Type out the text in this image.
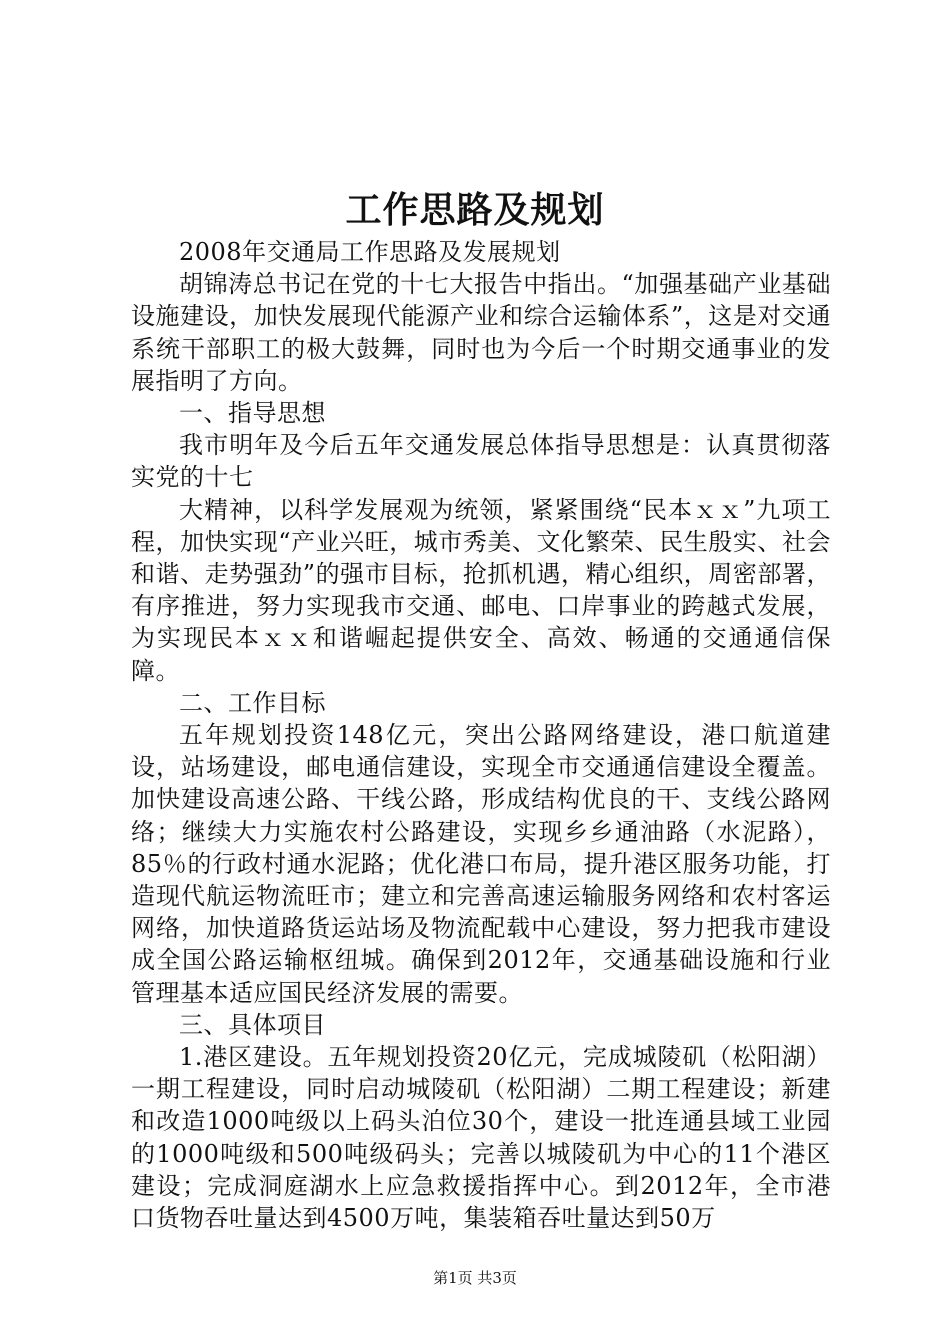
工作思路及规划

2008年交通局工作思路及发展规划

胡锦涛总书记在党的十七大报告中指出。“加强基础产业基础设施建设，加快发展现代能源产业和综合运输体系”，这是对交通系统干部职工的极大鼓舞，同时也为今后一个时期交通事业的发展指明了方向。

一、指导思想

我市明年及今后五年交通发展总体指导思想是：认真贯彻落实党的十七

大精神，以科学发展观为统领，紧紧围绕“民本ｘｘ”九项工程，加快实现“产业兴旺，城市秀美、文化繁荣、民生殷实、社会和谐、走势强劲”的强市目标，抢抓机遇，精心组织，周密部署，有序推进，努力实现我市交通、邮电、口岸事业的跨越式发展，为实现民本ｘｘ和谐崛起提供安全、高效、畅通的交通通信保障。

二、工作目标

五年规划投资148亿元，突出公路网络建设，港口航道建设，站场建设，邮电通信建设，实现全市交通通信建设全覆盖。加快建设高速公路、干线公路，形成结构优良的干、支线公路网络；继续大力实施农村公路建设，实现乡乡通油路（水泥路），85％的行政村通水泥路；优化港口布局，提升港区服务功能，打造现代航运物流旺市；建立和完善高速运输服务网络和农村客运网络，加快道路货运站场及物流配载中心建设，努力把我市建设成全国公路运输枢纽城。确保到2012年，交通基础设施和行业管理基本适应国民经济发展的需要。

三、具体项目

1.港区建设。五年规划投资20亿元，完成城陵矶（松阳湖）一期工程建设，同时启动城陵矶（松阳湖）二期工程建设；新建和改造1000吨级以上码头泊位30个，建设一批连通县域工业园的1000吨级和500吨级码头；完善以城陵矶为中心的11个港区建设；完成洞庭湖水上应急救援指挥中心。到2012年，全市港口货物吞吐量达到4500万吨，集装箱吞吐量达到50万

第1页 共3页
